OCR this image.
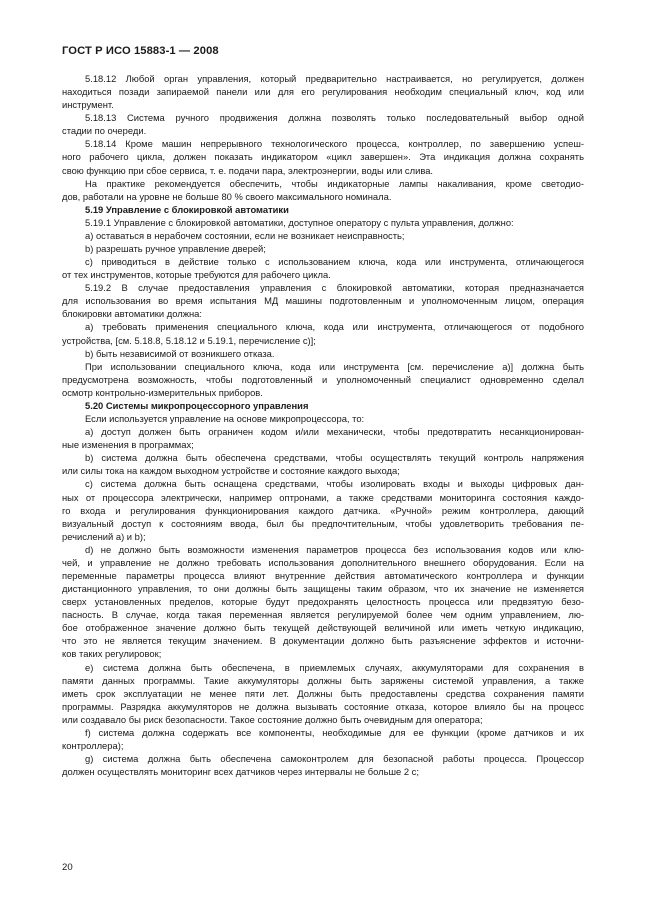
ГОСТ Р ИСО 15883-1 — 2008
5.18.12 Любой орган управления, который предварительно настраивается, но регулируется, должен
находиться позади запираемой панели или для его регулирования необходим специальный ключ, код или
инструмент.
5.18.13 Система ручного продвижения должна позволять только последовательный выбор одной
стадии по очереди.
5.18.14 Кроме машин непрерывного технологического процесса, контроллер, по завершению успеш-
ного рабочего цикла, должен показать индикатором «цикл завершен». Эта индикация должна сохранять
свою функцию при сбое сервиса, т. е. подачи пара, электроэнергии, воды или слива.
На практике рекомендуется обеспечить, чтобы индикаторные лампы накаливания, кроме светодио-
дов, работали на уровне не больше 80 % своего максимального номинала.
5.19 Управление с блокировкой автоматики
5.19.1 Управление с блокировкой автоматики, доступное оператору с пульта управления, должно:
a) оставаться в нерабочем состоянии, если не возникает неисправность;
b) разрешать ручное управление дверей;
c) приводиться в действие только с использованием ключа, кода или инструмента, отличающегося
от тех инструментов, которые требуются для рабочего цикла.
5.19.2 В случае предоставления управления с блокировкой автоматики, которая предназначается
для использования во время испытания МД машины подготовленным и уполномоченным лицом, операция
блокировки автоматики должна:
a) требовать применения специального ключа, кода или инструмента, отличающегося от подобного
устройства, [см. 5.18.8, 5.18.12 и 5.19.1, перечисление c)];
b) быть независимой от возникшего отказа.
При использовании специального ключа, кода или инструмента [см. перечисление a)] должна быть
предусмотрена возможность, чтобы подготовленный и уполномоченный специалист одновременно сделал
осмотр контрольно-измерительных приборов.
5.20 Системы микропроцессорного управления
Если используется управление на основе микропроцессора, то:
a) доступ должен быть ограничен кодом и/или механически, чтобы предотвратить несанкционирован-
ные изменения в программах;
b) система должна быть обеспечена средствами, чтобы осуществлять текущий контроль напряжения
или силы тока на каждом выходном устройстве и состояние каждого выхода;
c) система должна быть оснащена средствами, чтобы изолировать входы и выходы цифровых дан-
ных от процессора электрически, например оптронами, а также средствами мониторинга состояния каждо-
го входа и регулирования функционирования каждого датчика. «Ручной» режим контроллера, дающий
визуальный доступ к состояниям ввода, был бы предпочтительным, чтобы удовлетворить требования пе-
речислений a) и b);
d) не должно быть возможности изменения параметров процесса без использования кодов или клю-
чей, и управление не должно требовать использования дополнительного внешнего оборудования. Если на
переменные параметры процесса влияют внутренние действия автоматического контроллера и функции
дистанционного управления, то они должны быть защищены таким образом, что их значение не изменяется
сверх установленных пределов, которые будут предохранять целостность процесса или предвзятую безо-
пасность. В случае, когда такая переменная является регулируемой более чем одним управлением, лю-
бое отображенное значение должно быть текущей действующей величиной или иметь четкую индикацию,
что это не является текущим значением. В документации должно быть разъяснение эффектов и источни-
ков таких регулировок;
e) система должна быть обеспечена, в приемлемых случаях, аккумуляторами для сохранения в
памяти данных программы. Такие аккумуляторы должны быть заряжены системой управления, а также
иметь срок эксплуатации не менее пяти лет. Должны быть предоставлены средства сохранения памяти
программы. Разрядка аккумуляторов не должна вызывать состояние отказа, которое влияло бы на процесс
или создавало бы риск безопасности. Такое состояние должно быть очевидным для оператора;
f) система должна содержать все компоненты, необходимые для ее функции (кроме датчиков и их
контроллера);
g) система должна быть обеспечена самоконтролем для безопасной работы процесса. Процессор
должен осуществлять мониторинг всех датчиков через интервалы не больше 2 с;
20
